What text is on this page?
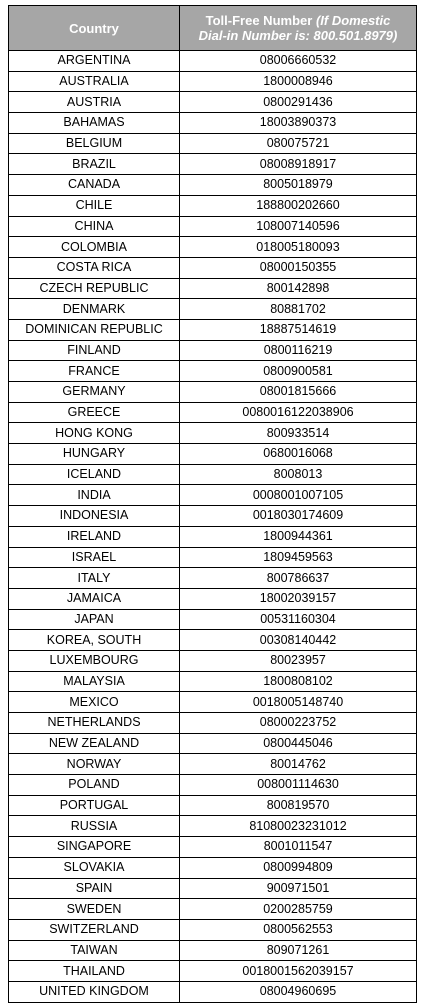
Country	Toll-Free Number (If Domestic
Dial-in Number is: 800.501.8979)

ARGENTINA	08006660532
AUSTRALIA	1800008946
AUSTRIA	0800291436
BAHAMAS	18003890373
BELGIUM	080075721
BRAZIL	08008918917
CANADA	8005018979
CHILE	188800202660
CHINA	108007140596
COLOMBIA	018005180093
COSTA RICA	08000150355
CZECH REPUBLIC	800142898
DENMARK	80881702
DOMINICAN REPUBLIC	18887514619
FINLAND	0800116219
FRANCE	0800900581
GERMANY	08001815666
GREECE	0080016122038906
HONG KONG	800933514
HUNGARY	0680016068
ICELAND	8008013
INDIA	0008001007105
INDONESIA	0018030174609
IRELAND	1800944361
ISRAEL	1809459563
ITALY	800786637
JAMAICA	18002039157
JAPAN	00531160304
KOREA, SOUTH	00308140442
LUXEMBOURG	80023957
MALAYSIA	1800808102
MEXICO	0018005148740
NETHERLANDS	08000223752
NEW ZEALAND	0800445046
NORWAY	80014762
POLAND	008001114630
PORTUGAL	800819570
RUSSIA	81080023231012
SINGAPORE	8001011547
SLOVAKIA	0800994809
SPAIN	900971501
SWEDEN	0200285759
SWITZERLAND	0800562553
TAIWAN	809071261
THAILAND	0018001562039157
UNITED KINGDOM	08004960695
